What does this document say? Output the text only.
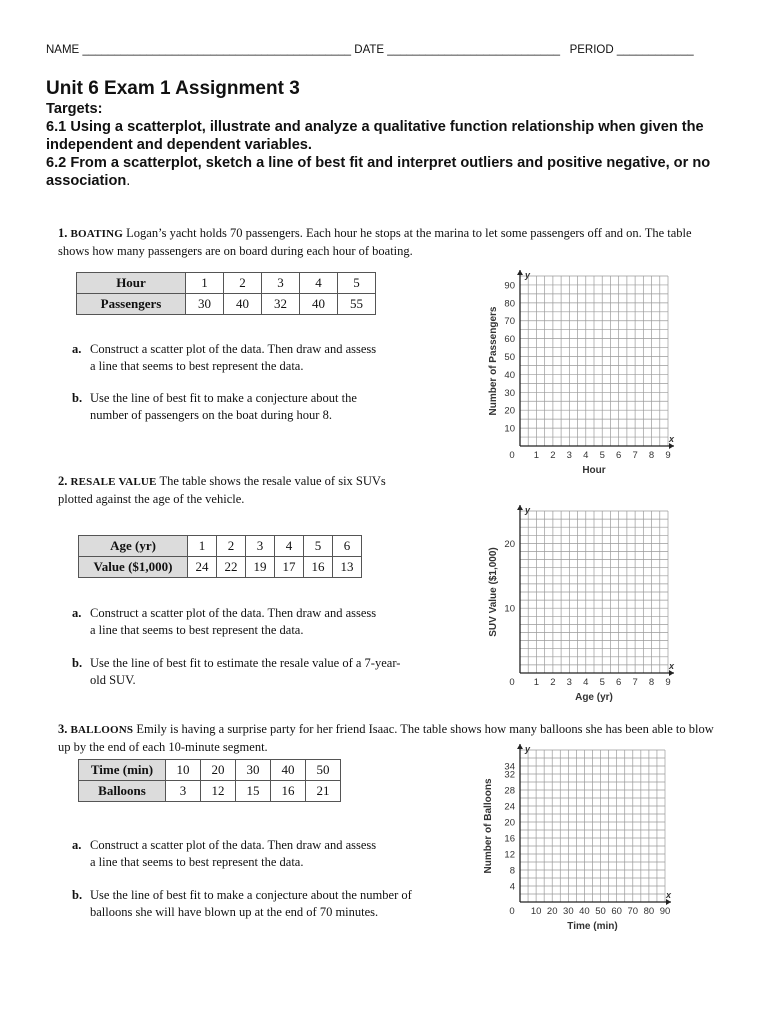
NAME __________________________________________ DATE ___________________________ PERIOD ____________
Unit 6 Exam 1 Assignment 3
Targets:
6.1 Using a scatterplot, illustrate and analyze a qualitative function relationship when given the independent and dependent variables.
6.2 From a scatterplot, sketch a line of best fit and interpret outliers and positive negative, or no association.
1. BOATING Logan’s yacht holds 70 passengers. Each hour he stops at the marina to let some passengers off and on. The table shows how many passengers are on board during each hour of boating.
Hour	1	2	3	4	5
Passengers	30	40	32	40	55
a. Construct a scatter plot of the data. Then draw and assess a line that seems to best represent the data.
b. Use the line of best fit to make a conjecture about the number of passengers on the boat during hour 8.
x
y
0 1 2 3 4 5 6 7 8 9
10
20
30
40
50
60
70
80
90
Hour
Number of Passengers
2. RESALE VALUE The table shows the resale value of six SUVs plotted against the age of the vehicle.
Age (yr)	1	2	3	4	5	6
Value ($1,000)	24	22	19	17	16	13
a. Construct a scatter plot of the data. Then draw and assess a line that seems to best represent the data.
b. Use the line of best fit to estimate the resale value of a 7-year-old SUV.
x
y
0 1 2 3 4 5 6 7 8 9
10
20
Age (yr)
SUV Value ($1,000)
3. BALLOONS Emily is having a surprise party for her friend Isaac. The table shows how many balloons she has been able to blow up by the end of each 10-minute segment.
Time (min)	10	20	30	40	50
Balloons	3	12	15	16	21
a. Construct a scatter plot of the data. Then draw and assess a line that seems to best represent the data.
b. Use the line of best fit to make a conjecture about the number of balloons she will have blown up at the end of 70 minutes.
x
y
0 10 20 30 40 50 60 70 80 90
4
8
12
16
20
24
28
32
34
Time (min)
Number of Balloons
